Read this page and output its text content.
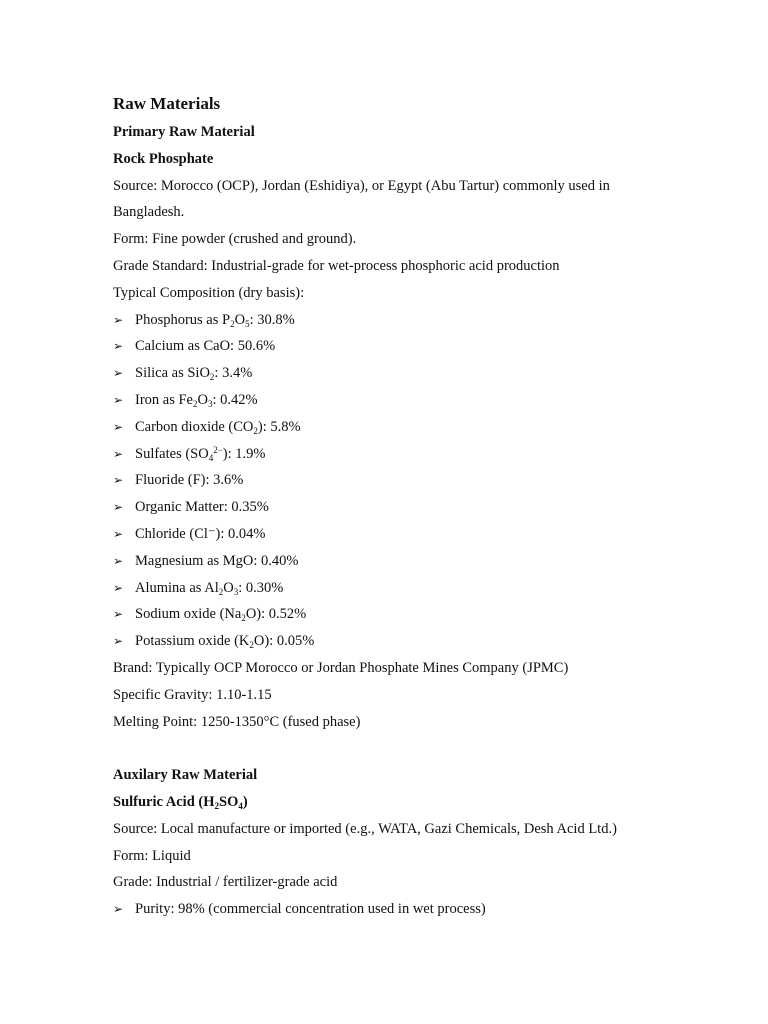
Raw Materials
Primary Raw Material
Rock Phosphate

Source: Morocco (OCP), Jordan (Eshidiya), or Egypt (Abu Tartur) commonly used in

Bangladesh.

Form: Fine powder (crushed and ground).

Grade Standard: Industrial-grade for wet-process phosphoric acid production

Typical Composition (dry basis):

➢ Phosphorus as $P_2O_5$: 30.8%
➢ Calcium as CaO: 50.6%
➢ Silica as SiO$_2$: 3.4%
➢ Iron as $Fe_2O_3$: 0.42%
➢ Carbon dioxide $(CO_2)$: 5.8%
➢ Sulfates $(SO_4^{2-})$: 1.9%
➢ Fluoride (F): 3.6%
➢ Organic Matter: 0.35%
➢ Chloride (Cl⁻): 0.04%
➢ Magnesium as MgO: 0.40%
➢ Alumina as $Al_2O_3$: 0.30%
➢ Sodium oxide $(Na_2O)$: 0.52%
➢ Potassium oxide $(K_2O)$: 0.05%

Brand: Typically OCP Morocco or Jordan Phosphate Mines Company (JPMC)

Specific Gravity: 1.10-1.15

Melting Point: 1250-1350°C (fused phase)

Auxilary Raw Material
Sulfuric Acid $(H_2SO_4)$

Source: Local manufacture or imported (e.g., WATA, Gazi Chemicals, Desh Acid Ltd.)

Form: Liquid

Grade: Industrial / fertilizer-grade acid

➢ Purity: 98% (commercial concentration used in wet process)
